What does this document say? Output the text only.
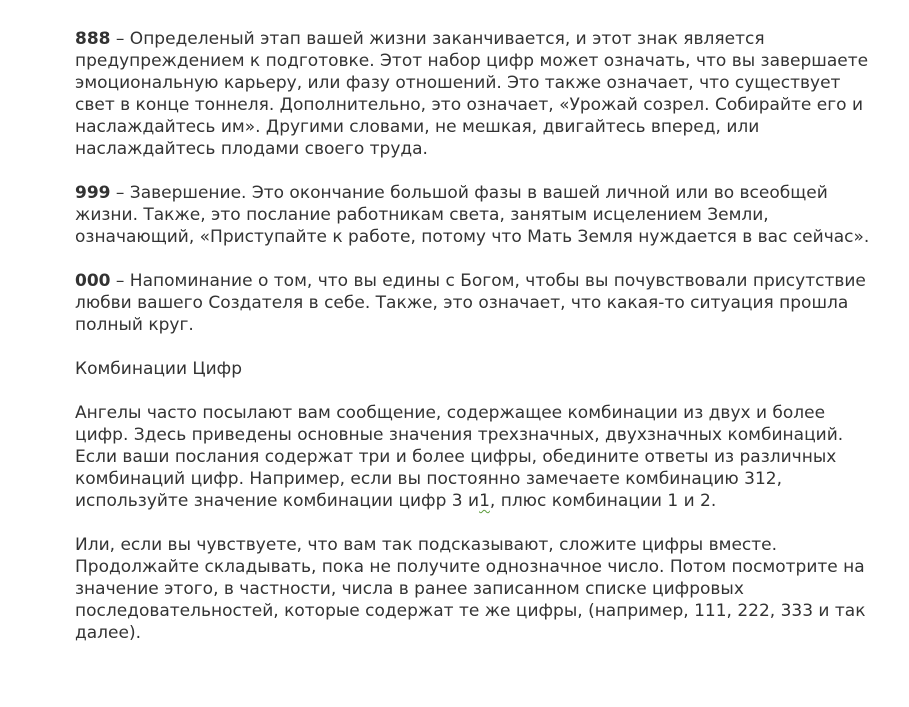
888 – Определеный этап вашей жизни заканчивается, и этот знак является предупреждением к подготовке. Этот набор цифр может означать, что вы завершаете эмоциональную карьеру, или фазу отношений. Это также означает, что существует свет в конце тоннеля. Дополнительно, это означает, «Урожай созрел. Собирайте его и наслаждайтесь им». Другими словами, не мешкая, двигайтесь вперед, или наслаждайтесь плодами своего труда.

999 – Завершение. Это окончание большой фазы в вашей личной или во всеобщей жизни. Также, это послание работникам света, занятым исцелением Земли, означающий, «Приступайте к работе, потому что Мать Земля нуждается в вас сейчас».

000 – Напоминание о том, что вы едины с Богом, чтобы вы почувствовали присутствие любви вашего Создателя в себе. Также, это означает, что какая-то ситуация прошла полный круг.

Комбинации Цифр

Ангелы часто посылают вам сообщение, содержащее комбинации из двух и более цифр. Здесь приведены основные значения трехзначных, двухзначных комбинаций. Если ваши послания содержат три и более цифры, обедините ответы из различных комбинаций цифр. Например, если вы постоянно замечаете комбинацию 312, используйте значение комбинации цифр 3 и1, плюс комбинации 1 и 2.

Или, если вы чувствуете, что вам так подсказывают, сложите цифры вместе. Продолжайте складывать, пока не получите однозначное число. Потом посмотрите на значение этого, в частности, числа в ранее записанном списке цифровых последовательностей, которые содержат те же цифры, (например, 111, 222, 333 и так далее).
